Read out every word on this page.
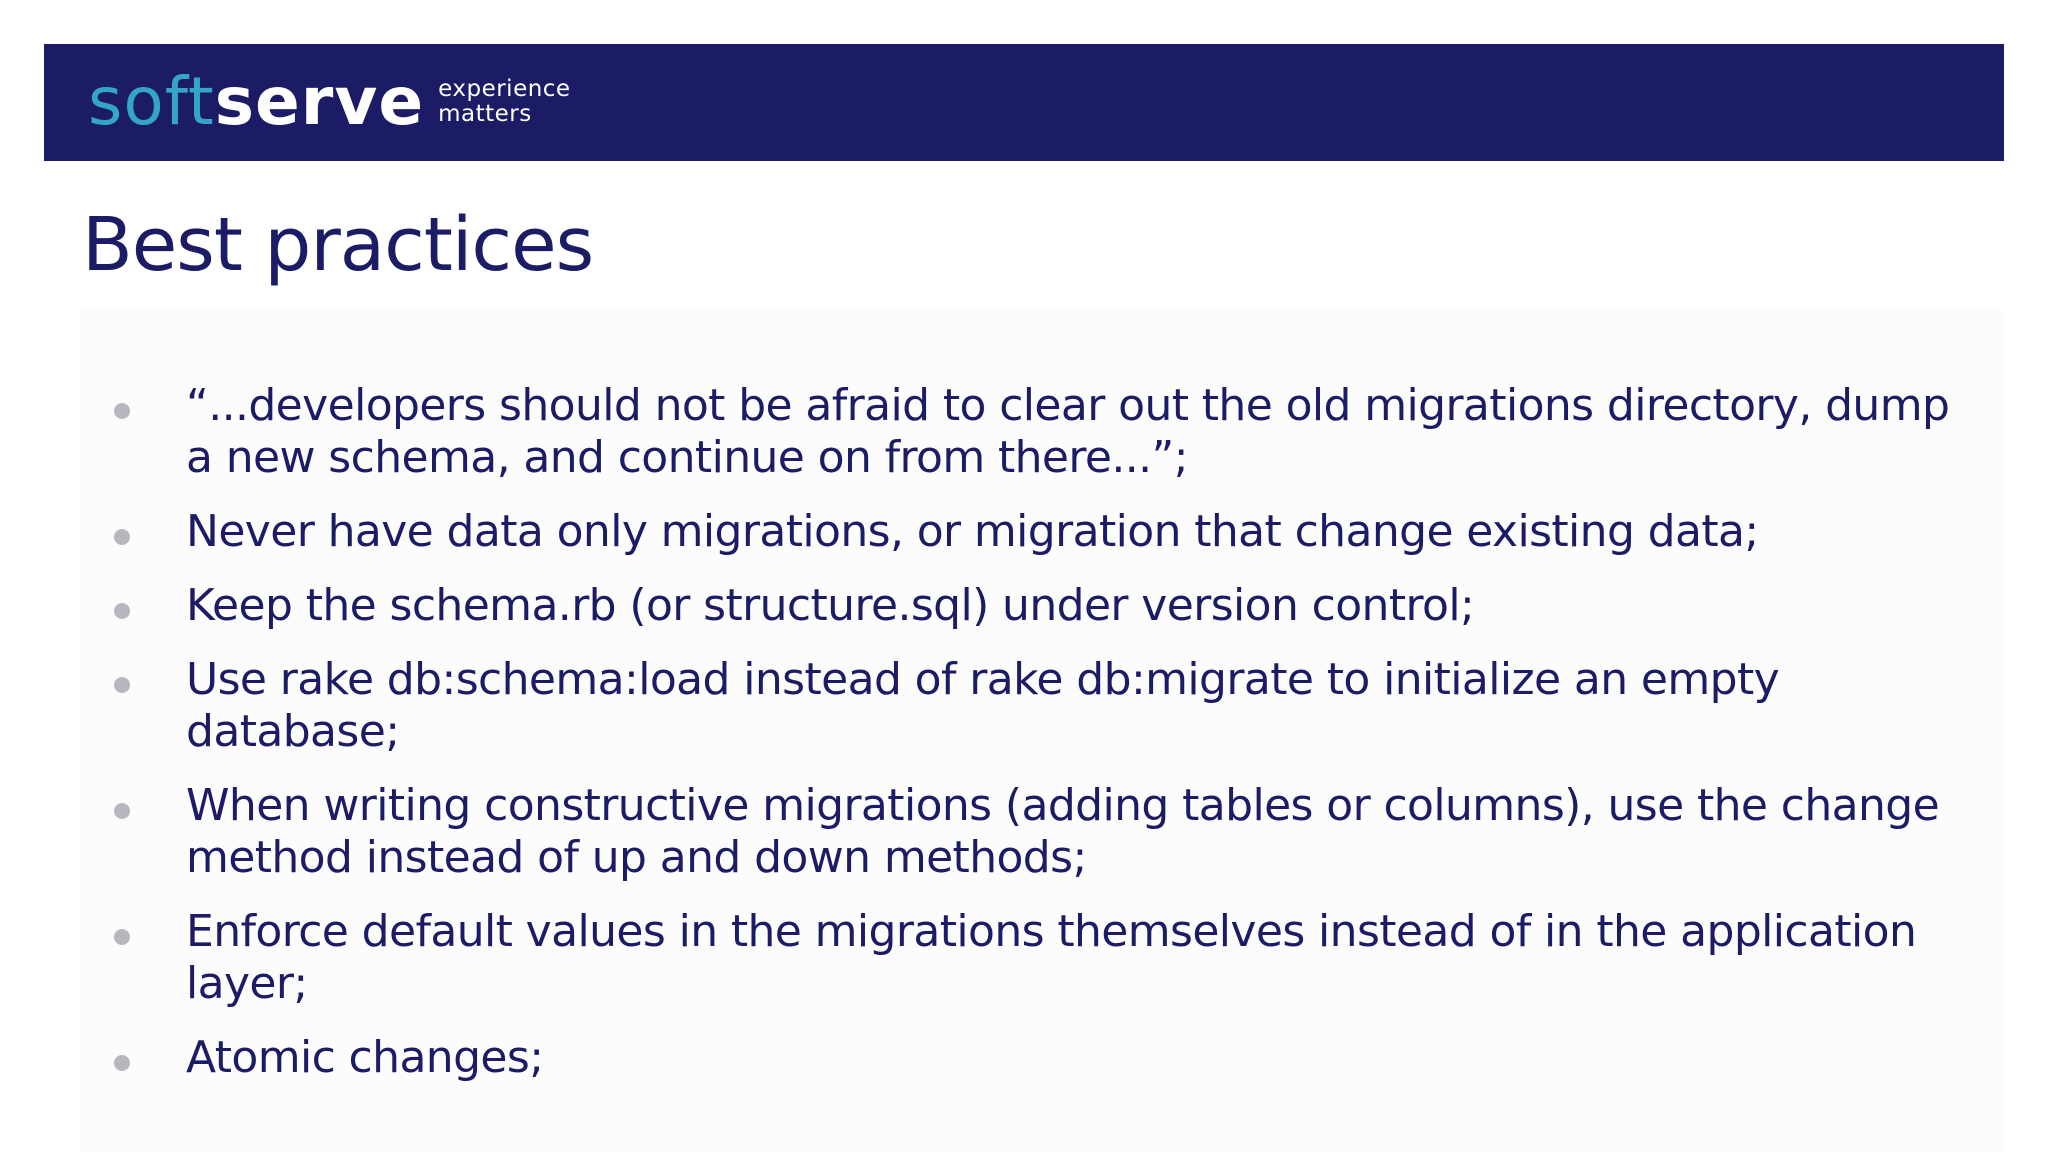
soft serve experience
matters
Best practices
“...developers should not be afraid to clear out the old migrations directory, dump a new schema, and continue on from there...”;
Never have data only migrations, or migration that change existing data;
Keep the schema.rb (or structure.sql) under version control;
Use rake db:schema:load instead of rake db:migrate to initialize an empty database;
When writing constructive migrations (adding tables or columns), use the change method instead of up and down methods;
Enforce default values in the migrations themselves instead of in the application layer;
Atomic changes;
